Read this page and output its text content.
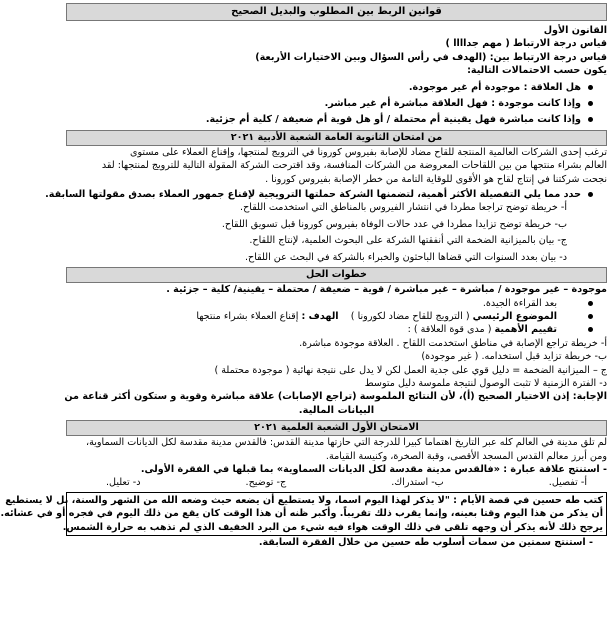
قوانين الربط بين المطلوب والبديل الصحيح
القانون الأول
قياس درجة الارتباط ( مهم جداااا )
قياس درجة الارتباط بين: (الهدف في رأس السؤال وبين الاختيارات الأربعة)
يكون حسب الاحتمالات التالية:
هل العلاقة : موجودة أم غير موجودة.
وإذا كانت موجودة : فهل العلاقة مباشرة أم غير مباشر.
وإذا كانت مباشرة فهل يقينية أم محتملة / أو هل قوية أم ضعيفة / كلية أم جزئية.
من امتحان الثانوية العامة الشعبة الأدبية ٢٠٢١
ترغب إحدى الشركات العالمية المنتجة للقاح مضاد للإصابة بفيروس كورونا في الترويج لمنتجها، وإقناع العملاء على مستوى
العالم بشراء منتجها من بين اللقاحات المعروضة من الشركات المنافسة، وقد اقترحت الشركة المقولة التالية للترويج لمنتجها: لقد
نجحت شركتنا في إنتاج لقاح هو الأقوى للوقاية التامة من خطر الإصابة بفيروس كورونا .
حدد مما يلي التفصيلة الأكثر أهمية، لتضمنها الشركة حملتها الترويجية لإقناع جمهور العملاء بصدق مقولتها السابقة.
أ- خريطة توضح تراجعا مطردا في انتشار الفيروس بالمناطق التي استخدمت اللقاح.
ب- خريطة توضح تزايدا مطردا في عدد حالات الوفاة بفيروس كورونا قبل تسويق اللقاح.
ج- بيان بالميزانية الضخمة التي أنفقتها الشركة على البحوث العلمية، لإنتاج اللقاح.
د- بيان بعدد السنوات التي قضاها الباحثون والخبراء بالشركة في البحث عن اللقاح.
خطوات الحل
موجودة – غير موجودة / مباشرة – غير مباشرة / قوية – ضعيفة / محتملة – يقينية/ كلية – جزئية .
بعد القراءة الجيدة.
الموضوع الرئيسي ( الترويج للقاح مضاد لكورونا )    الهدف : إقناع العملاء بشراء منتجها
تقييم الأهمية ( مدى قوة العلاقة ) :
أ- خريطة تراجع الإصابة في مناطق استخدمت اللقاح . العلاقة موجودة مباشرة.
ب- خريطة تزايد قبل استخدامه. ( غير موجودة)
ج – الميزانية الضخمة = دليل قوي على جدية العمل لكن لا يدل على نتيجة نهائية ( موجودة محتملة )
د- الفترة الزمنية لا تثبت الوصول لنتيجة ملموسة دليل متوسط
الإجابة: إذن الاختيار الصحيح (أ)، لأن النتائج الملموسة (تراجع الإصابات) علاقة مباشرة وقوية و ستكون أكثر قناعة من
البيانات المالية.
الامتحان الأول الشعبة العلمية ٢٠٢١
لم تلق مدينة في العالم كله عبر التاريخ اهتماما كبيرا للدرجة التي حازتها مدينة القدس: فالقدس مدينة مقدسة لكل الديانات السماوية،
ومن أبرز معالم القدس المسجد الأقصى، وقبة الصخرة، وكنيسة القيامة.
- استنتج علاقة عبارة : «فالقدس مدينة مقدسة لكل الديانات السماوية» بما قبلها في الفقرة الأولى.
أ- تفصيل.
ب- استدراك.
ج- توضيح.
د- تعليل.
كتب طه حسين في قصة الأيام : "لا يذكر لهذا اليوم اسما، ولا يستطيع أن يضعه حيث وضعه الله من الشهر والسنة، بل لا يستطيع
أن يذكر من هذا اليوم وقتا بعينه، وإنما يقرب ذلك تقريباً. وأكبر ظنه أن هذا الوقت كان يقع من ذلك اليوم في فجره أو في عشائه.
يرجح ذلك لأنه يذكر أن وجهه تلقى في ذلك الوقت هواء فيه شيء من البرد الخفيف الذي لم تذهب به حرارة الشمس.
- استنتج سمتين من سمات أسلوب طه حسين من خلال الفقرة السابقة.
